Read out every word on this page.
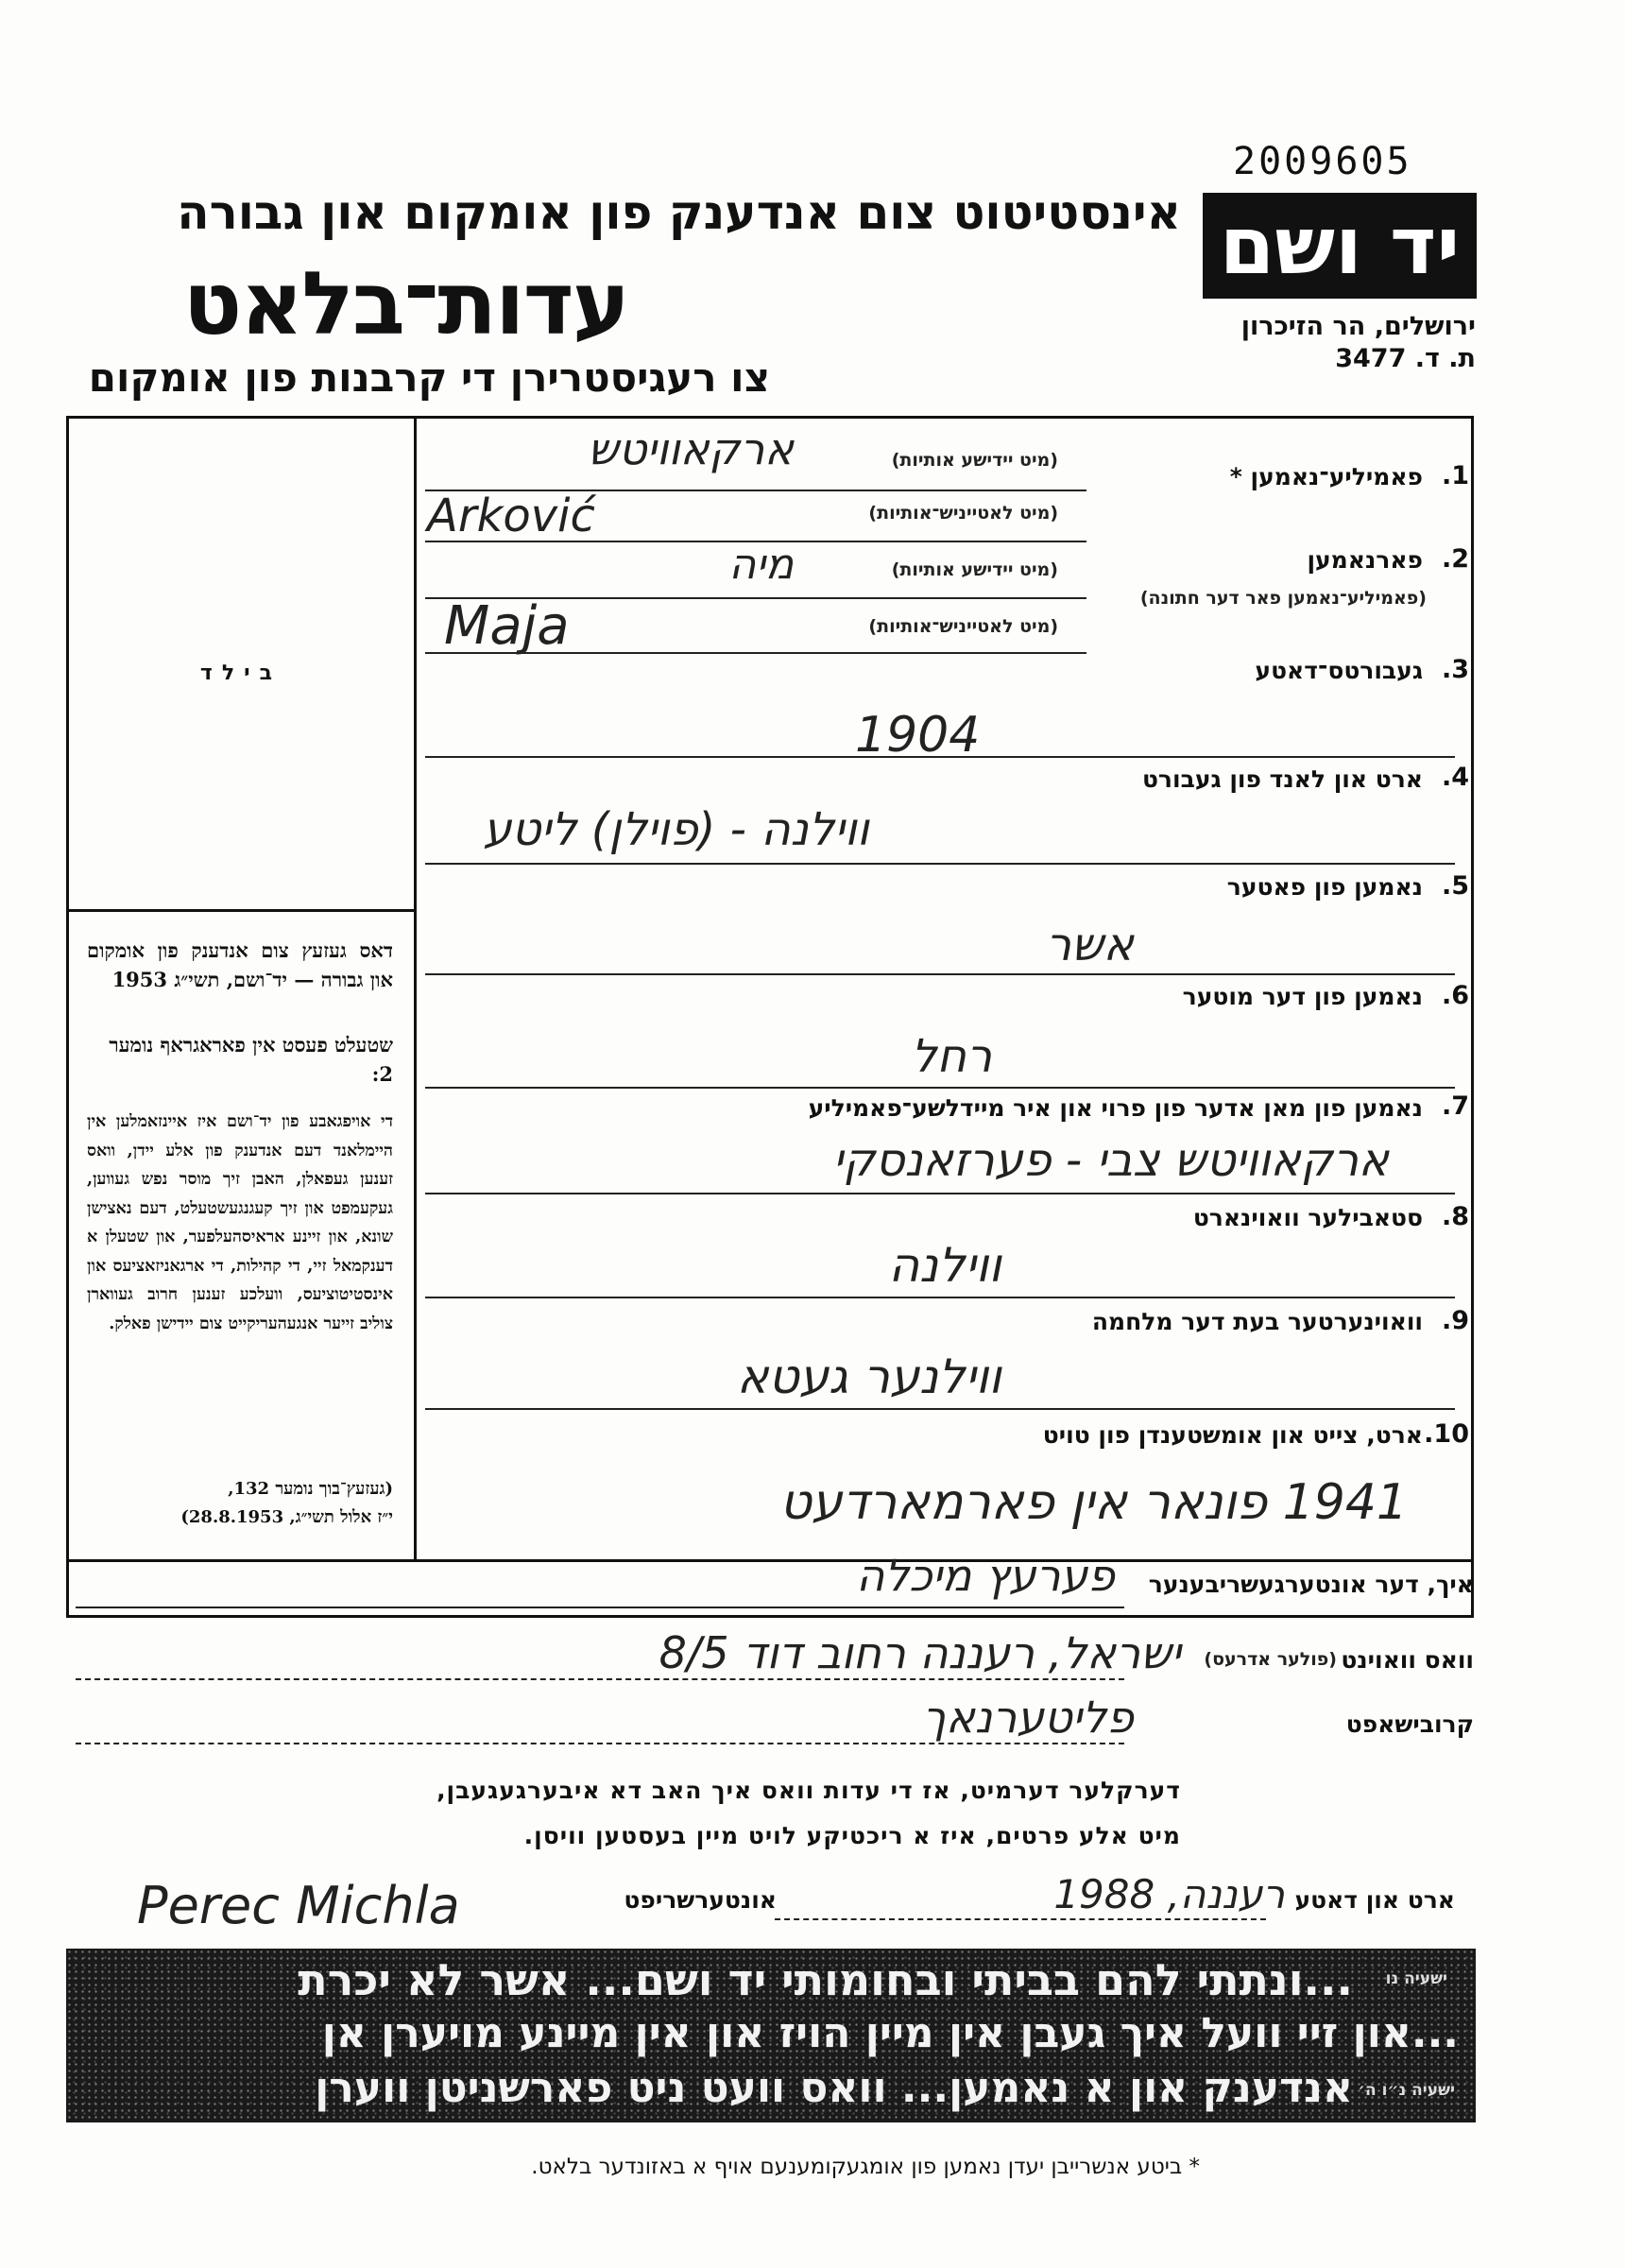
2009605
אינסטיטוט צום אנדענק פון אומקום און גבורה
עדות־בלאט
צו רעגיסטרירן די קרבנות פון אומקום
יד ושם
ירושלים, הר הזיכרון
ת. ד. 3477
בילד
דאס געזעץ צום אנדענק פון אומקום און גבורה — יד־ושם, תשי״ג 1953
שטעלט פעסט אין פאראגראף נומער 2:
די אויפגאבע פון יד־ושם איז איינזאמלען אין היימלאנד דעם אנדענק פון אלע יידן, וואס זענען געפאלן, האבן זיך מוסר נפש געווען, געקעמפט און זיך קעגנגעשטעלט, דעם נאצישן שונא, און זיינע אראיסהעלפער, און שטעלן א דענקמאל זיי, די קהילות, די ארגאניזאציעס און אינסטיטוציעס, וועלכע זענען חרוב געווארן צוליב זייער אנגעהעריקייט צום יידישן פאלק.
(געזעץ־בוך נומער 132,
י״ז אלול תשי״ג, 28.8.1953)
1.
פאמיליע־נאמען *
(מיט יידישע אותיות)
ארקאוויטש
(מיט לאטייניש־אותיות)
Arković
2.
פארנאמען
(פאמיליע־נאמען פאר דער חתונה)
(מיט יידישע אותיות)
מיה
(מיט לאטייניש־אותיות)
Maja
3.
געבורטס־דאטע
1904
4.
ארט און לאנד פון געבורט
ווילנה - (פוילן) ליטע
5.
נאמען פון פאטער
אשר
6.
נאמען פון דער מוטער
רחל
7.
נאמען פון מאן אדער פון פרוי און איר מיידלשע־פאמיליע
ארקאוויטש צבי - פערזאנסקי
8.
סטאבילער וואוינארט
ווילנה
9.
וואוינערטער בעת דער מלחמה
ווילנער געטא
10.
ארט, צייט און אומשטענדן פון טויט
1941 פונאר אין פארמארדעט
איך, דער אונטערגעשריבענער
פערעץ מיכלה
וואס וואוינט
(פולער אדרעס)
ישראל, רעננה רחוב דוד 8/5
קרובישאפט
פליטערנאך
דערקלער דערמיט, אז די עדות וואס איך האב דא איבערגעגעבן,
מיט אלע פרטים, איז א ריכטיקע לויט מיין בעסטען וויסן.
ארט און דאטע
רעננה, 1988
אונטערשריפט
Perec Michla
...ונתתי להם בביתי ובחומותי יד ושם... אשר לא יכרת ישעיה נו
...און זיי וועל איך געבן אין מיין הויז און אין מיינע מויערן אן
אנדענק און א נאמען... וואס וועט ניט פארשניטן ווערן ישעיה נ״ו ה׳
* ביטע אנשרייבן יעדן נאמען פון אומגעקומענעם אויף א באזונדער בלאט.
